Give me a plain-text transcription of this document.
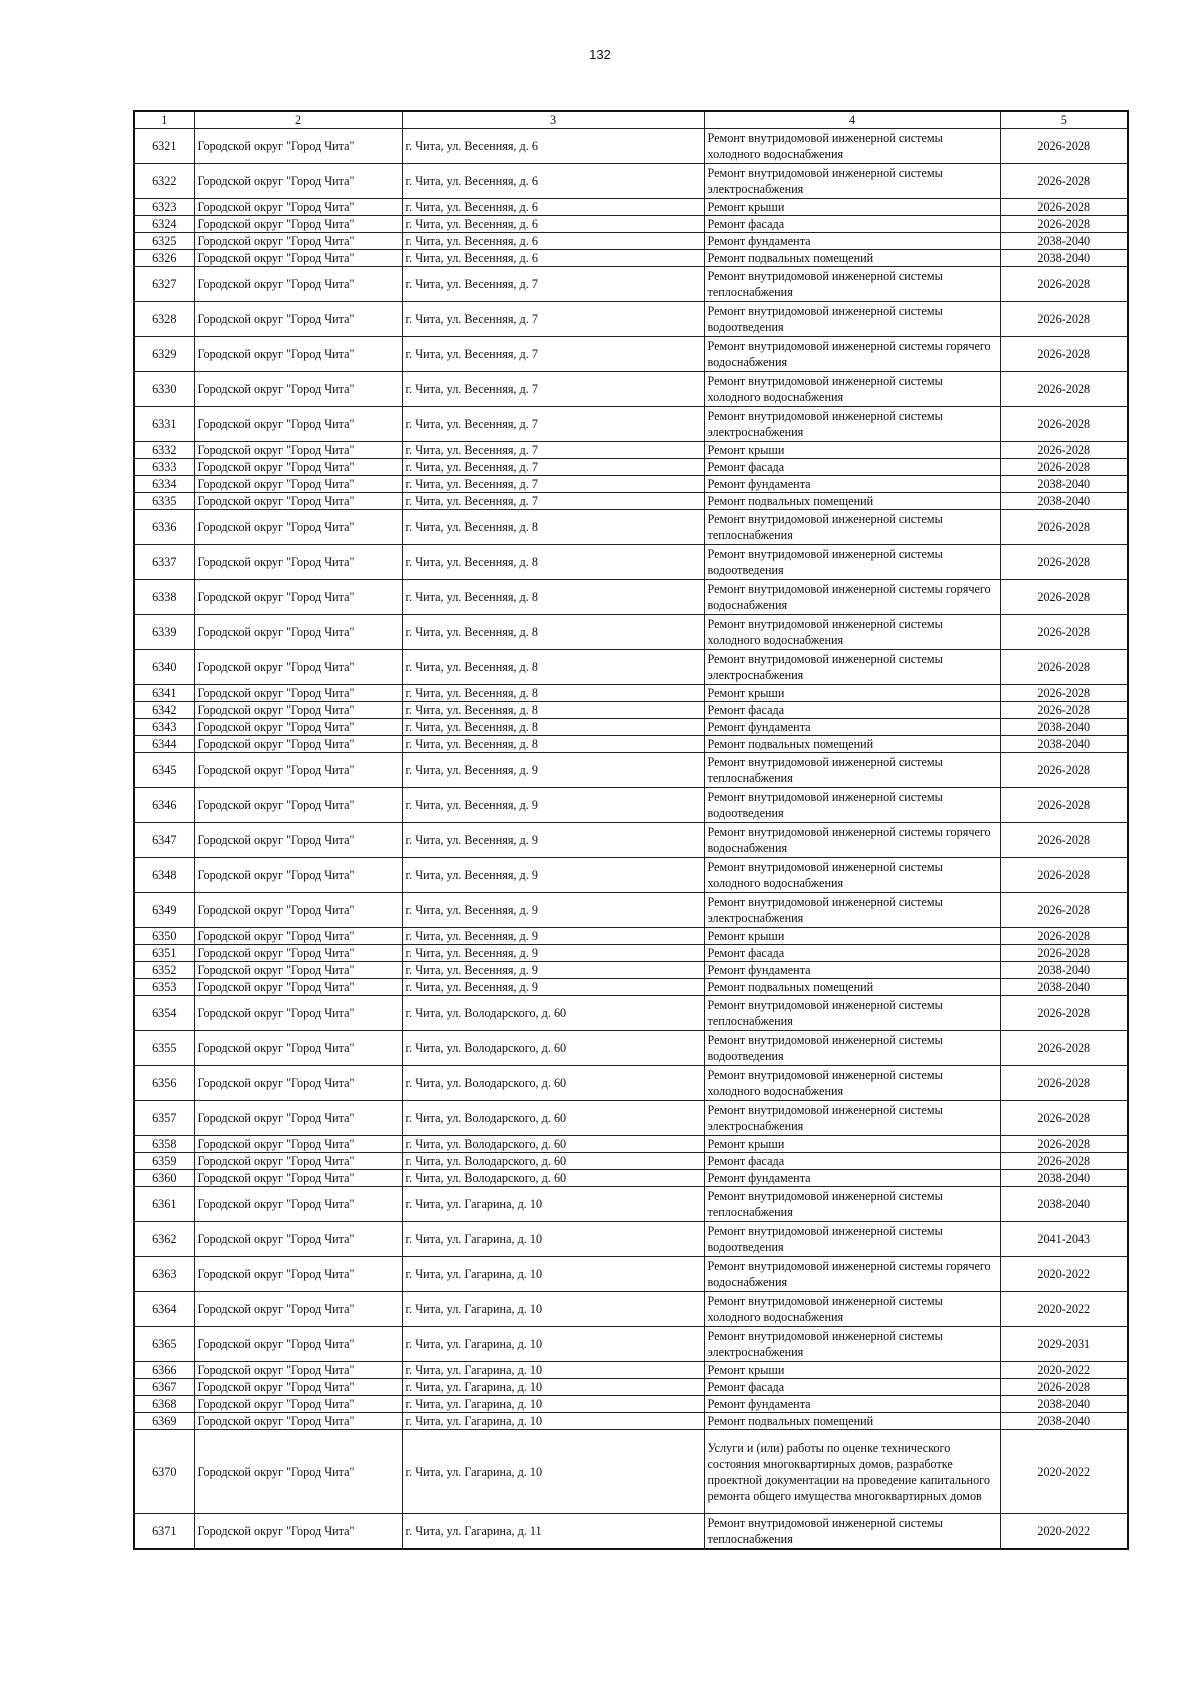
132
1	2	3	4	5
6321	Городской округ "Город Чита"	г. Чита, ул. Весенняя, д. 6	Ремонт внутридомовой инженерной системы холодного водоснабжения	2026-2028
6322	Городской округ "Город Чита"	г. Чита, ул. Весенняя, д. 6	Ремонт внутридомовой инженерной системы электроснабжения	2026-2028
6323	Городской округ "Город Чита"	г. Чита, ул. Весенняя, д. 6	Ремонт крыши	2026-2028
6324	Городской округ "Город Чита"	г. Чита, ул. Весенняя, д. 6	Ремонт фасада	2026-2028
6325	Городской округ "Город Чита"	г. Чита, ул. Весенняя, д. 6	Ремонт фундамента	2038-2040
6326	Городской округ "Город Чита"	г. Чита, ул. Весенняя, д. 6	Ремонт подвальных помещений	2038-2040
6327	Городской округ "Город Чита"	г. Чита, ул. Весенняя, д. 7	Ремонт внутридомовой инженерной системы теплоснабжения	2026-2028
6328	Городской округ "Город Чита"	г. Чита, ул. Весенняя, д. 7	Ремонт внутридомовой инженерной системы водоотведения	2026-2028
6329	Городской округ "Город Чита"	г. Чита, ул. Весенняя, д. 7	Ремонт внутридомовой инженерной системы горячего водоснабжения	2026-2028
6330	Городской округ "Город Чита"	г. Чита, ул. Весенняя, д. 7	Ремонт внутридомовой инженерной системы холодного водоснабжения	2026-2028
6331	Городской округ "Город Чита"	г. Чита, ул. Весенняя, д. 7	Ремонт внутридомовой инженерной системы электроснабжения	2026-2028
6332	Городской округ "Город Чита"	г. Чита, ул. Весенняя, д. 7	Ремонт крыши	2026-2028
6333	Городской округ "Город Чита"	г. Чита, ул. Весенняя, д. 7	Ремонт фасада	2026-2028
6334	Городской округ "Город Чита"	г. Чита, ул. Весенняя, д. 7	Ремонт фундамента	2038-2040
6335	Городской округ "Город Чита"	г. Чита, ул. Весенняя, д. 7	Ремонт подвальных помещений	2038-2040
6336	Городской округ "Город Чита"	г. Чита, ул. Весенняя, д. 8	Ремонт внутридомовой инженерной системы теплоснабжения	2026-2028
6337	Городской округ "Город Чита"	г. Чита, ул. Весенняя, д. 8	Ремонт внутридомовой инженерной системы водоотведения	2026-2028
6338	Городской округ "Город Чита"	г. Чита, ул. Весенняя, д. 8	Ремонт внутридомовой инженерной системы горячего водоснабжения	2026-2028
6339	Городской округ "Город Чита"	г. Чита, ул. Весенняя, д. 8	Ремонт внутридомовой инженерной системы холодного водоснабжения	2026-2028
6340	Городской округ "Город Чита"	г. Чита, ул. Весенняя, д. 8	Ремонт внутридомовой инженерной системы электроснабжения	2026-2028
6341	Городской округ "Город Чита"	г. Чита, ул. Весенняя, д. 8	Ремонт крыши	2026-2028
6342	Городской округ "Город Чита"	г. Чита, ул. Весенняя, д. 8	Ремонт фасада	2026-2028
6343	Городской округ "Город Чита"	г. Чита, ул. Весенняя, д. 8	Ремонт фундамента	2038-2040
6344	Городской округ "Город Чита"	г. Чита, ул. Весенняя, д. 8	Ремонт подвальных помещений	2038-2040
6345	Городской округ "Город Чита"	г. Чита, ул. Весенняя, д. 9	Ремонт внутридомовой инженерной системы теплоснабжения	2026-2028
6346	Городской округ "Город Чита"	г. Чита, ул. Весенняя, д. 9	Ремонт внутридомовой инженерной системы водоотведения	2026-2028
6347	Городской округ "Город Чита"	г. Чита, ул. Весенняя, д. 9	Ремонт внутридомовой инженерной системы горячего водоснабжения	2026-2028
6348	Городской округ "Город Чита"	г. Чита, ул. Весенняя, д. 9	Ремонт внутридомовой инженерной системы холодного водоснабжения	2026-2028
6349	Городской округ "Город Чита"	г. Чита, ул. Весенняя, д. 9	Ремонт внутридомовой инженерной системы электроснабжения	2026-2028
6350	Городской округ "Город Чита"	г. Чита, ул. Весенняя, д. 9	Ремонт крыши	2026-2028
6351	Городской округ "Город Чита"	г. Чита, ул. Весенняя, д. 9	Ремонт фасада	2026-2028
6352	Городской округ "Город Чита"	г. Чита, ул. Весенняя, д. 9	Ремонт фундамента	2038-2040
6353	Городской округ "Город Чита"	г. Чита, ул. Весенняя, д. 9	Ремонт подвальных помещений	2038-2040
6354	Городской округ "Город Чита"	г. Чита, ул. Володарского, д. 60	Ремонт внутридомовой инженерной системы теплоснабжения	2026-2028
6355	Городской округ "Город Чита"	г. Чита, ул. Володарского, д. 60	Ремонт внутридомовой инженерной системы водоотведения	2026-2028
6356	Городской округ "Город Чита"	г. Чита, ул. Володарского, д. 60	Ремонт внутридомовой инженерной системы холодного водоснабжения	2026-2028
6357	Городской округ "Город Чита"	г. Чита, ул. Володарского, д. 60	Ремонт внутридомовой инженерной системы электроснабжения	2026-2028
6358	Городской округ "Город Чита"	г. Чита, ул. Володарского, д. 60	Ремонт крыши	2026-2028
6359	Городской округ "Город Чита"	г. Чита, ул. Володарского, д. 60	Ремонт фасада	2026-2028
6360	Городской округ "Город Чита"	г. Чита, ул. Володарского, д. 60	Ремонт фундамента	2038-2040
6361	Городской округ "Город Чита"	г. Чита, ул. Гагарина, д. 10	Ремонт внутридомовой инженерной системы теплоснабжения	2038-2040
6362	Городской округ "Город Чита"	г. Чита, ул. Гагарина, д. 10	Ремонт внутридомовой инженерной системы водоотведения	2041-2043
6363	Городской округ "Город Чита"	г. Чита, ул. Гагарина, д. 10	Ремонт внутридомовой инженерной системы горячего водоснабжения	2020-2022
6364	Городской округ "Город Чита"	г. Чита, ул. Гагарина, д. 10	Ремонт внутридомовой инженерной системы холодного водоснабжения	2020-2022
6365	Городской округ "Город Чита"	г. Чита, ул. Гагарина, д. 10	Ремонт внутридомовой инженерной системы электроснабжения	2029-2031
6366	Городской округ "Город Чита"	г. Чита, ул. Гагарина, д. 10	Ремонт крыши	2020-2022
6367	Городской округ "Город Чита"	г. Чита, ул. Гагарина, д. 10	Ремонт фасада	2026-2028
6368	Городской округ "Город Чита"	г. Чита, ул. Гагарина, д. 10	Ремонт фундамента	2038-2040
6369	Городской округ "Город Чита"	г. Чита, ул. Гагарина, д. 10	Ремонт подвальных помещений	2038-2040
6370	Городской округ "Город Чита"	г. Чита, ул. Гагарина, д. 10	Услуги и (или) работы по оценке технического состояния многоквартирных домов, разработке проектной документации на проведение капитального ремонта общего имущества многоквартирных домов	2020-2022
6371	Городской округ "Город Чита"	г. Чита, ул. Гагарина, д. 11	Ремонт внутридомовой инженерной системы теплоснабжения	2020-2022
